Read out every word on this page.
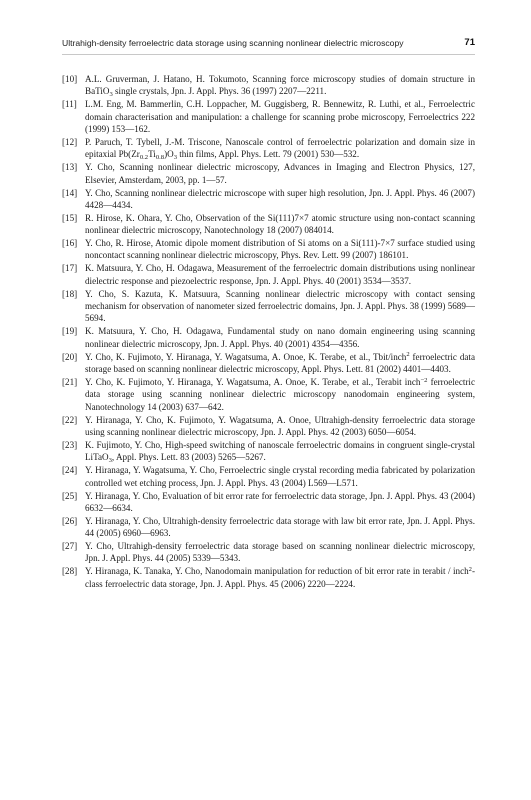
Ultrahigh-density ferroelectric data storage using scanning nonlinear dielectric microscopy	71
[10] A.L. Gruverman, J. Hatano, H. Tokumoto, Scanning force microscopy studies of domain structure in BaTiO$_3$ single crystals, Jpn. J. Appl. Phys. 36 (1997) 2207—2211.
[11] L.M. Eng, M. Bammerlin, C.H. Loppacher, M. Guggisberg, R. Bennewitz, R. Luthi, et al., Ferroelectric domain characterisation and manipulation: a challenge for scanning probe microscopy, Ferroelectrics 222 (1999) 153—162.
[12] P. Paruch, T. Tybell, J.-M. Triscone, Nanoscale control of ferroelectric polarization and domain size in epitaxial $Pb(Zr_{0.2}Ti_{0.8})O_3$ thin films, Appl. Phys. Lett. 79 (2001) 530—532.
[13] Y. Cho, Scanning nonlinear dielectric microscopy, Advances in Imaging and Electron Physics, 127, Elsevier, Amsterdam, 2003, pp. 1—57.
[14] Y. Cho, Scanning nonlinear dielectric microscope with super high resolution, Jpn. J. Appl. Phys. 46 (2007) 4428—4434.
[15] R. Hirose, K. Ohara, Y. Cho, Observation of the Si(111)7×7 atomic structure using non-contact scanning nonlinear dielectric microscopy, Nanotechnology 18 (2007) 084014.
[16] Y. Cho, R. Hirose, Atomic dipole moment distribution of Si atoms on a Si(111)-7×7 surface studied using noncontact scanning nonlinear dielectric microscopy, Phys. Rev. Lett. 99 (2007) 186101.
[17] K. Matsuura, Y. Cho, H. Odagawa, Measurement of the ferroelectric domain distributions using nonlinear dielectric response and piezoelectric response, Jpn. J. Appl. Phys. 40 (2001) 3534—3537.
[18] Y. Cho, S. Kazuta, K. Matsuura, Scanning nonlinear dielectric microscopy with contact sensing mechanism for observation of nanometer sized ferroelectric domains, Jpn. J. Appl. Phys. 38 (1999) 5689—5694.
[19] K. Matsuura, Y. Cho, H. Odagawa, Fundamental study on nano domain engineering using scanning nonlinear dielectric microscopy, Jpn. J. Appl. Phys. 40 (2001) 4354—4356.
[20] Y. Cho, K. Fujimoto, Y. Hiranaga, Y. Wagatsuma, A. Onoe, K. Terabe, et al., Tbit/inch$^2$ ferroelectric data storage based on scanning nonlinear dielectric microscopy, Appl. Phys. Lett. 81 (2002) 4401—4403.
[21] Y. Cho, K. Fujimoto, Y. Hiranaga, Y. Wagatsuma, A. Onoe, K. Terabe, et al., Terabit inch$^{-2}$ ferroelectric data storage using scanning nonlinear dielectric microscopy nanodomain engineering system, Nanotechnology 14 (2003) 637—642.
[22] Y. Hiranaga, Y. Cho, K. Fujimoto, Y. Wagatsuma, A. Onoe, Ultrahigh-density ferroelectric data storage using scanning nonlinear dielectric microscopy, Jpn. J. Appl. Phys. 42 (2003) 6050—6054.
[23] K. Fujimoto, Y. Cho, High-speed switching of nanoscale ferroelectric domains in congruent single-crystal LiTaO$_3$, Appl. Phys. Lett. 83 (2003) 5265—5267.
[24] Y. Hiranaga, Y. Wagatsuma, Y. Cho, Ferroelectric single crystal recording media fabricated by polarization controlled wet etching process, Jpn. J. Appl. Phys. 43 (2004) L569—L571.
[25] Y. Hiranaga, Y. Cho, Evaluation of bit error rate for ferroelectric data storage, Jpn. J. Appl. Phys. 43 (2004) 6632—6634.
[26] Y. Hiranaga, Y. Cho, Ultrahigh-density ferroelectric data storage with law bit error rate, Jpn. J. Appl. Phys. 44 (2005) 6960—6963.
[27] Y. Cho, Ultrahigh-density ferroelectric data storage based on scanning nonlinear dielectric microscopy, Jpn. J. Appl. Phys. 44 (2005) 5339—5343.
[28] Y. Hiranaga, K. Tanaka, Y. Cho, Nanodomain manipulation for reduction of bit error rate in terabit / inch$^2$-class ferroelectric data storage, Jpn. J. Appl. Phys. 45 (2006) 2220—2224.
